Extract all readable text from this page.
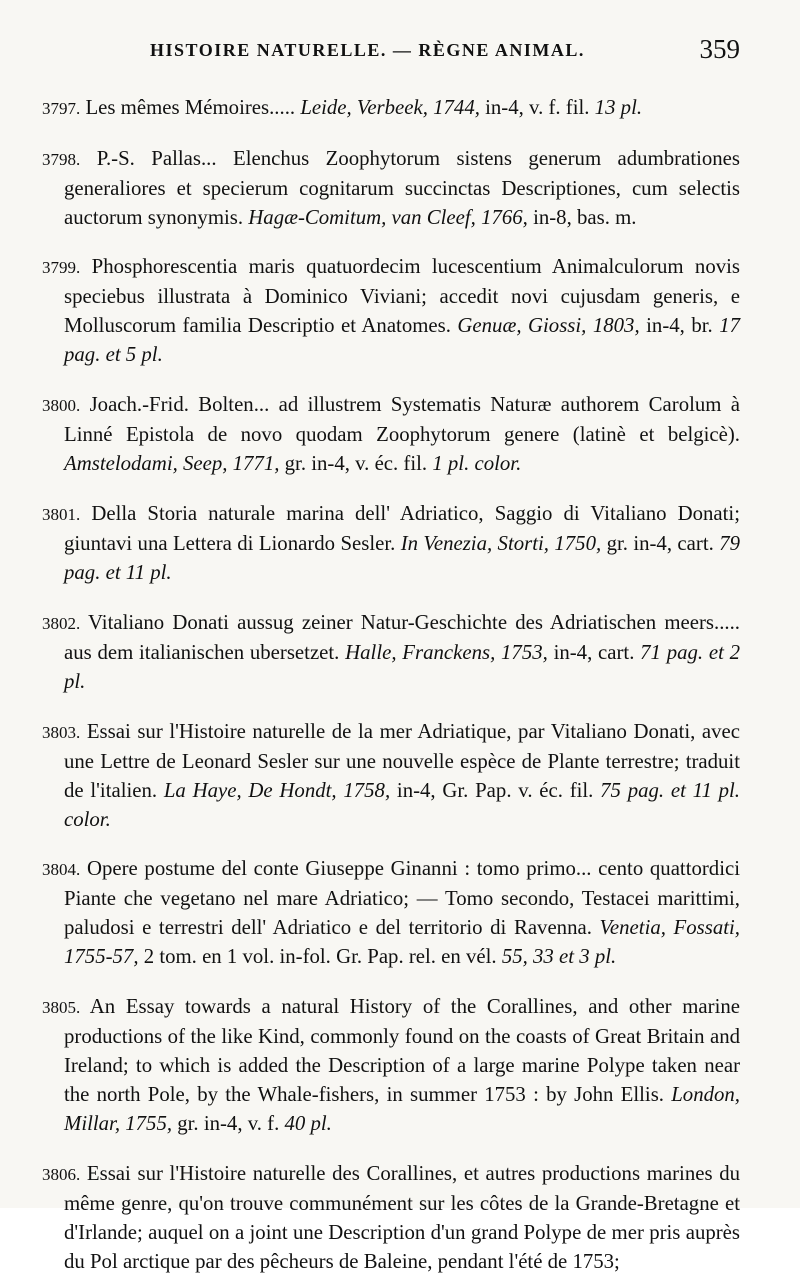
HISTOIRE NATURELLE. — RÈGNE ANIMAL.	359

3797. Les mêmes Mémoires..... Leide, Verbeek, 1744, in-4, v. f. fil. 13 pl.

3798. P.-S. Pallas... Elenchus Zoophytorum sistens generum adumbrationes generaliores et specierum cognitarum succinctas Descriptiones, cum selectis auctorum synonymis. Hagæ-Comitum, van Cleef, 1766, in-8, bas. m.

3799. Phosphorescentia maris quatuordecim lucescentium Animalculorum novis speciebus illustrata à Dominico Viviani; accedit novi cujusdam generis, e Molluscorum familia Descriptio et Anatomes. Genuæ, Giossi, 1803, in-4, br. 17 pag. et 5 pl.

3800. Joach.-Frid. Bolten... ad illustrem Systematis Naturæ authorem Carolum à Linné Epistola de novo quodam Zoophytorum genere (latinè et belgicè). Amstelodami, Seep, 1771, gr. in-4, v. éc. fil. 1 pl. color.

3801. Della Storia naturale marina dell' Adriatico, Saggio di Vitaliano Donati; giuntavi una Lettera di Lionardo Sesler. In Venezia, Storti, 1750, gr. in-4, cart. 79 pag. et 11 pl.

3802. Vitaliano Donati aussug zeiner Natur-Geschichte des Adriatischen meers..... aus dem italianischen ubersetzet. Halle, Franckens, 1753, in-4, cart. 71 pag. et 2 pl.

3803. Essai sur l'Histoire naturelle de la mer Adriatique, par Vitaliano Donati, avec une Lettre de Leonard Sesler sur une nouvelle espèce de Plante terrestre; traduit de l'italien. La Haye, De Hondt, 1758, in-4, Gr. Pap. v. éc. fil. 75 pag. et 11 pl. color.

3804. Opere postume del conte Giuseppe Ginanni : tomo primo... cento quattordici Piante che vegetano nel mare Adriatico; — Tomo secondo, Testacei marittimi, paludosi e terrestri dell' Adriatico e del territorio di Ravenna. Venetia, Fossati, 1755-57, 2 tom. en 1 vol. in-fol. Gr. Pap. rel. en vél. 55, 33 et 3 pl.

3805. An Essay towards a natural History of the Corallines, and other marine productions of the like Kind, commonly found on the coasts of Great Britain and Ireland; to which is added the Description of a large marine Polype taken near the north Pole, by the Whale-fishers, in summer 1753 : by John Ellis. London, Millar, 1755, gr. in-4, v. f. 40 pl.

3806. Essai sur l'Histoire naturelle des Corallines, et autres productions marines du même genre, qu'on trouve communément sur les côtes de la Grande-Bretagne et d'Irlande; auquel on a joint une Description d'un grand Polype de mer pris auprès du Pol arctique par des pêcheurs de Baleine, pendant l'été de 1753;
